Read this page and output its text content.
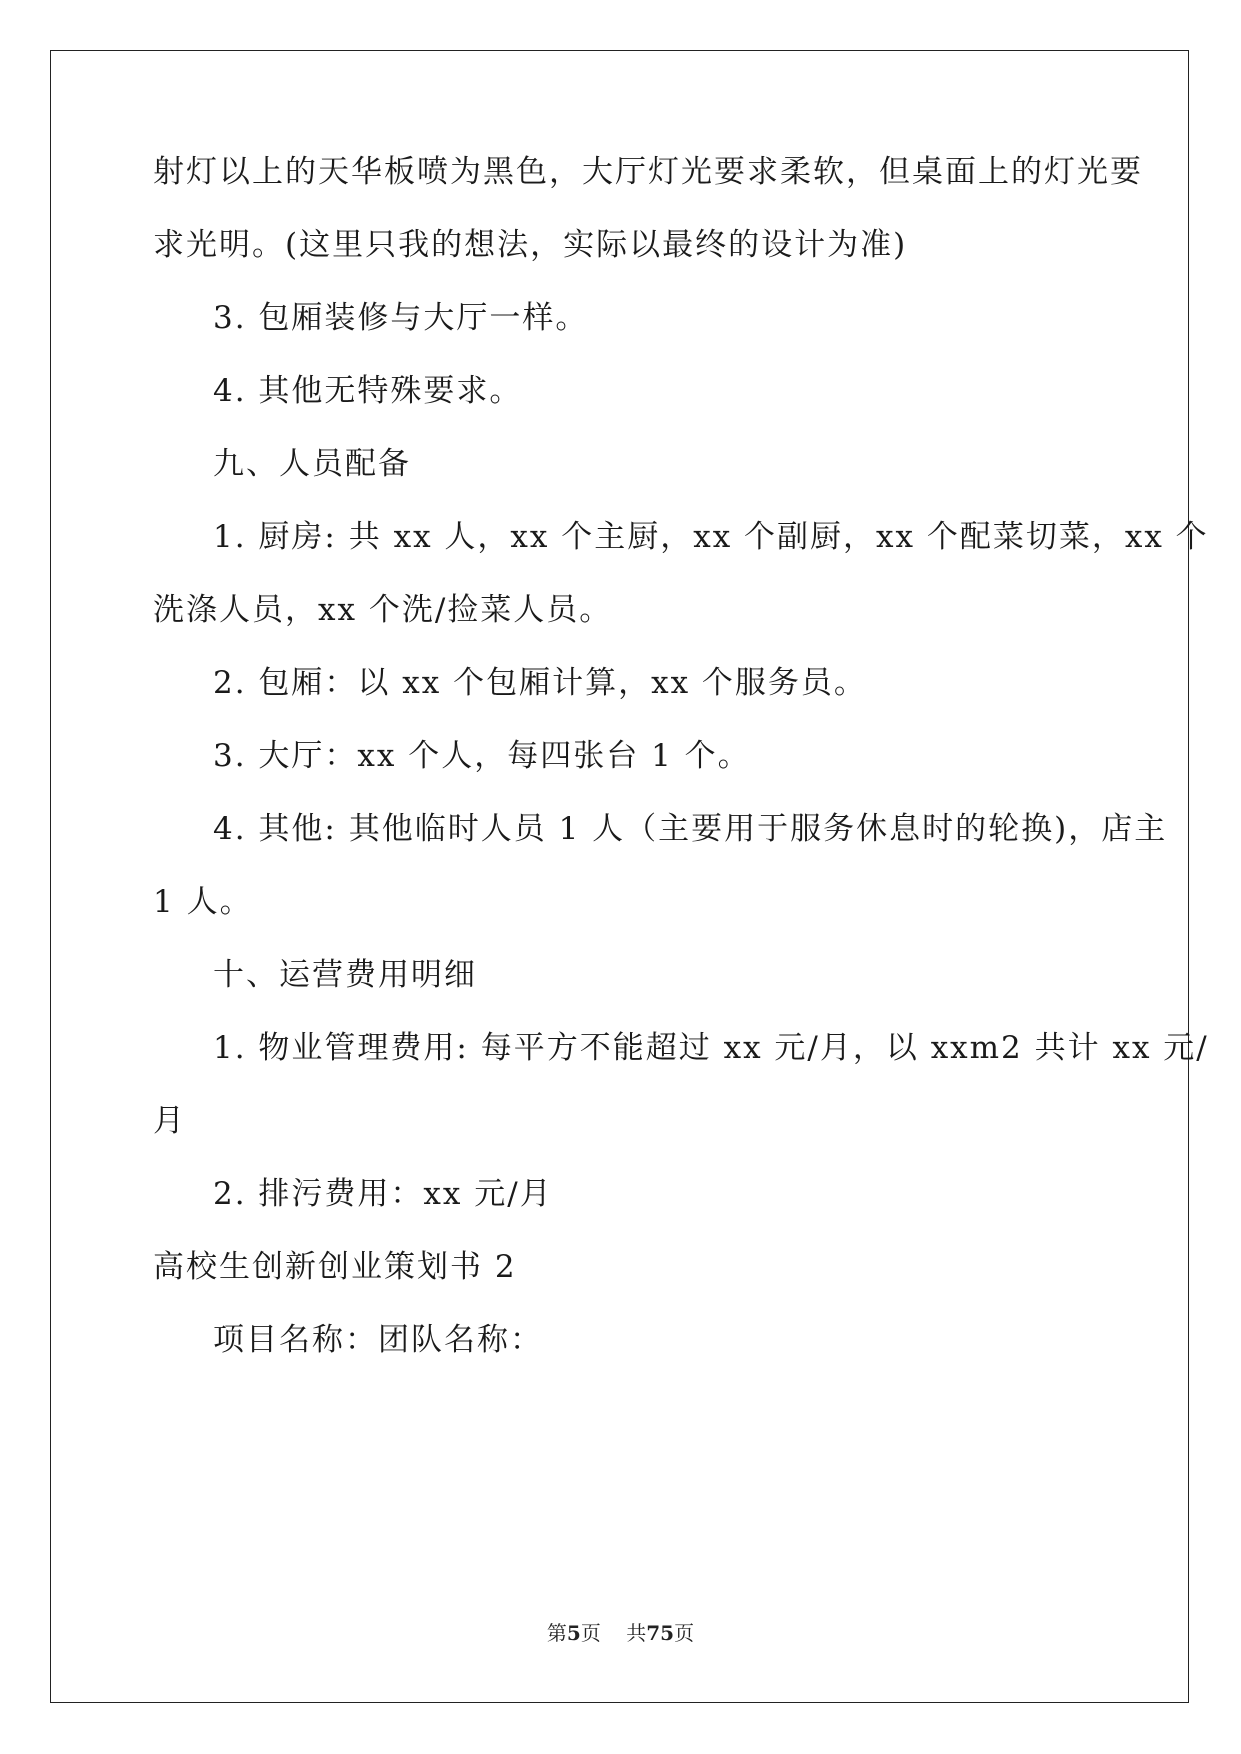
射灯以上的天华板喷为黑色，大厅灯光要求柔软，但桌面上的灯光要
求光明。(这里只我的想法，实际以最终的设计为准)
3. 包厢装修与大厅一样。
4. 其他无特殊要求。
九、人员配备
1. 厨房: 共 xx 人，xx 个主厨，xx 个副厨，xx 个配菜切菜，xx 个
洗涤人员，xx 个洗/捡菜人员。
2. 包厢：以 xx 个包厢计算，xx 个服务员。
3. 大厅：xx 个人，每四张台 1 个。
4. 其他: 其他临时人员 1 人（主要用于服务休息时的轮换)，店主
1 人。
十、运营费用明细
1. 物业管理费用: 每平方不能超过 xx 元/月，以 xxm2 共计 xx 元/
月
2. 排污费用：xx 元/月
高校生创新创业策划书 2
项目名称：团队名称：
第5页 共75页
